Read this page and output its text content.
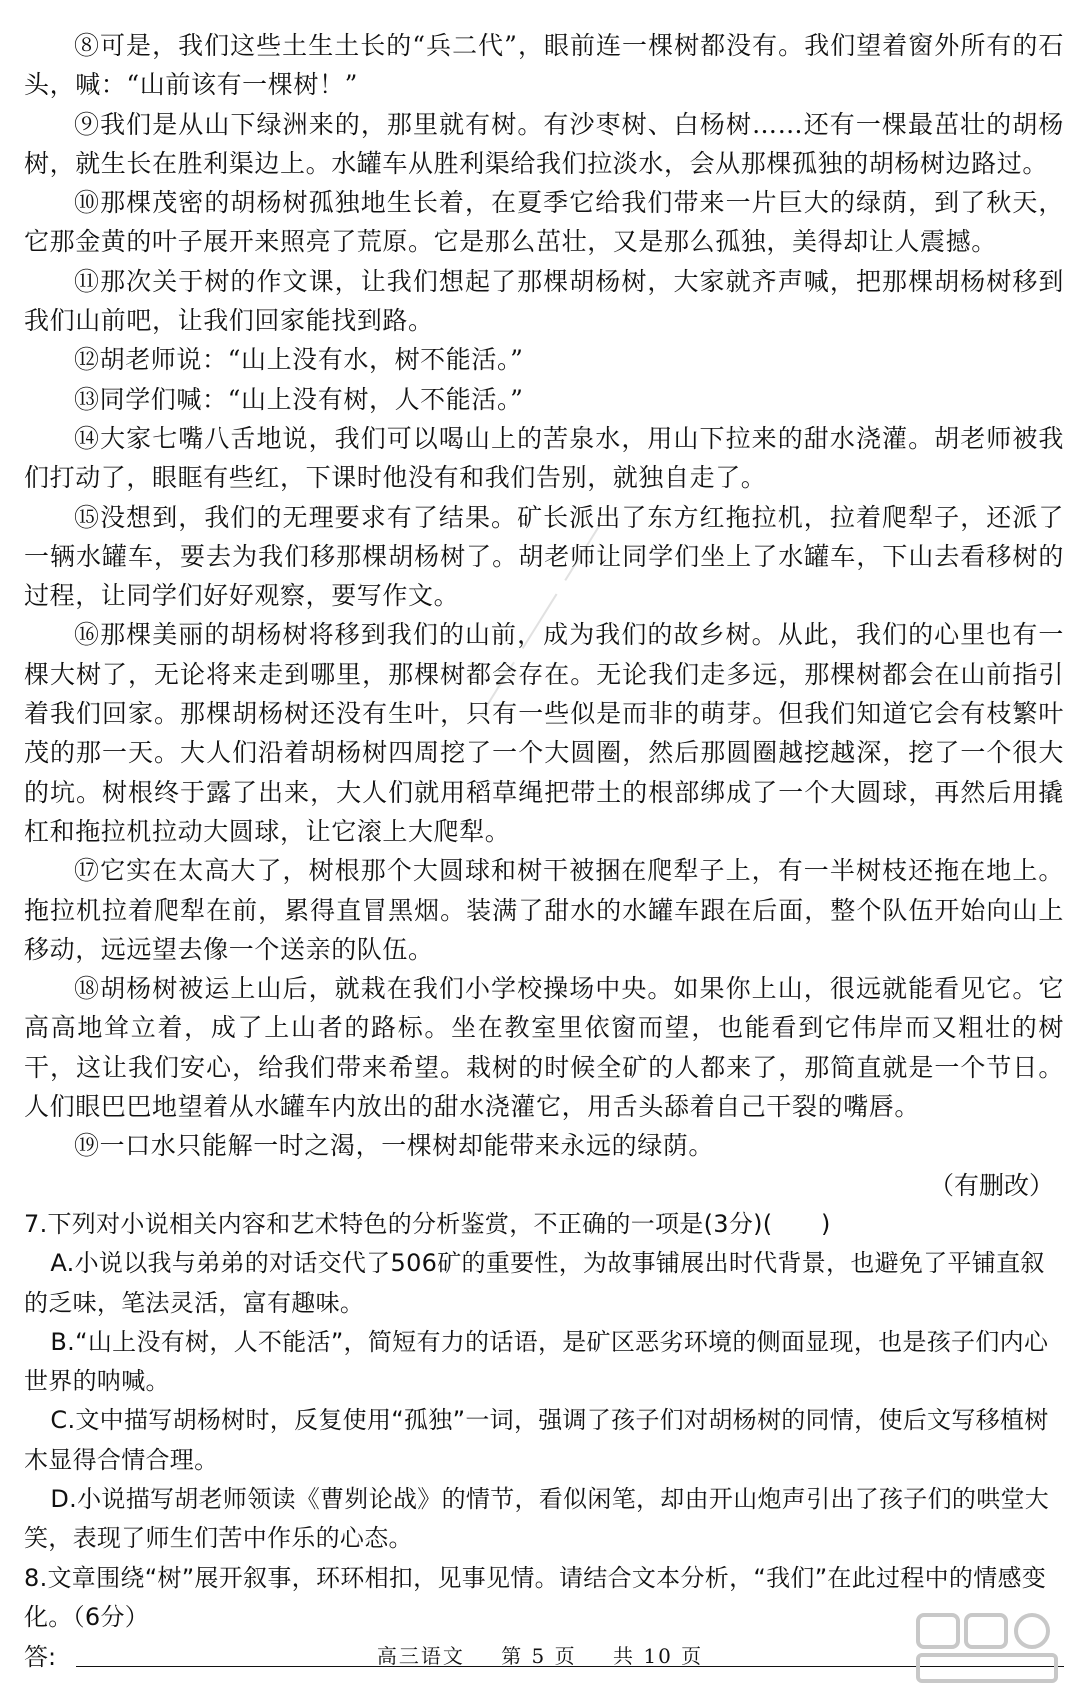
⑧可是，我们这些土生土长的“兵二代”，眼前连一棵树都没有。我们望着窗外所有的石头，喊：“山前该有一棵树！”

⑨我们是从山下绿洲来的，那里就有树。有沙枣树、白杨树……还有一棵最茁壮的胡杨树，就生长在胜利渠边上。水罐车从胜利渠给我们拉淡水，会从那棵孤独的胡杨树边路过。

⑩那棵茂密的胡杨树孤独地生长着，在夏季它给我们带来一片巨大的绿荫，到了秋天，它那金黄的叶子展开来照亮了荒原。它是那么茁壮，又是那么孤独，美得却让人震撼。

⑪那次关于树的作文课，让我们想起了那棵胡杨树，大家就齐声喊，把那棵胡杨树移到我们山前吧，让我们回家能找到路。

⑫胡老师说：“山上没有水，树不能活。”

⑬同学们喊：“山上没有树，人不能活。”

⑭大家七嘴八舌地说，我们可以喝山上的苦泉水，用山下拉来的甜水浇灌。胡老师被我们打动了，眼眶有些红，下课时他没有和我们告别，就独自走了。

⑮没想到，我们的无理要求有了结果。矿长派出了东方红拖拉机，拉着爬犁子，还派了一辆水罐车，要去为我们移那棵胡杨树了。胡老师让同学们坐上了水罐车，下山去看移树的过程，让同学们好好观察，要写作文。

⑯那棵美丽的胡杨树将移到我们的山前，成为我们的故乡树。从此，我们的心里也有一棵大树了，无论将来走到哪里，那棵树都会存在。无论我们走多远，那棵树都会在山前指引着我们回家。那棵胡杨树还没有生叶，只有一些似是而非的萌芽。但我们知道它会有枝繁叶茂的那一天。大人们沿着胡杨树四周挖了一个大圆圈，然后那圆圈越挖越深，挖了一个很大的坑。树根终于露了出来，大人们就用稻草绳把带土的根部绑成了一个大圆球，再然后用撬杠和拖拉机拉动大圆球，让它滚上大爬犁。

⑰它实在太高大了，树根那个大圆球和树干被捆在爬犁子上，有一半树枝还拖在地上。拖拉机拉着爬犁在前，累得直冒黑烟。装满了甜水的水罐车跟在后面，整个队伍开始向山上移动，远远望去像一个送亲的队伍。

⑱胡杨树被运上山后，就栽在我们小学校操场中央。如果你上山，很远就能看见它。它高高地耸立着，成了上山者的路标。坐在教室里依窗而望，也能看到它伟岸而又粗壮的树干，这让我们安心，给我们带来希望。栽树的时候全矿的人都来了，那简直就是一个节日。人们眼巴巴地望着从水罐车内放出的甜水浇灌它，用舌头舔着自己干裂的嘴唇。

⑲一口水只能解一时之渴，一棵树却能带来永远的绿荫。

（有删改）

7.下列对小说相关内容和艺术特色的分析鉴赏，不正确的一项是(3分)(　　)

A.小说以我与弟弟的对话交代了506矿的重要性，为故事铺展出时代背景，也避免了平铺直叙的乏味，笔法灵活，富有趣味。

B.“山上没有树，人不能活”，简短有力的话语，是矿区恶劣环境的侧面显现，也是孩子们内心世界的呐喊。

C.文中描写胡杨树时，反复使用“孤独”一词，强调了孩子们对胡杨树的同情，使后文写移植树木显得合情合理。

D.小说描写胡老师领读《曹刿论战》的情节，看似闲笔，却由开山炮声引出了孩子们的哄堂大笑，表现了师生们苦中作乐的心态。

8.文章围绕“树”展开叙事，环环相扣，见事见情。请结合文本分析，“我们”在此过程中的情感变化。（6分）

答:	高三语文 第 5 页 共 10 页
⸺ ⸺ ⸺
